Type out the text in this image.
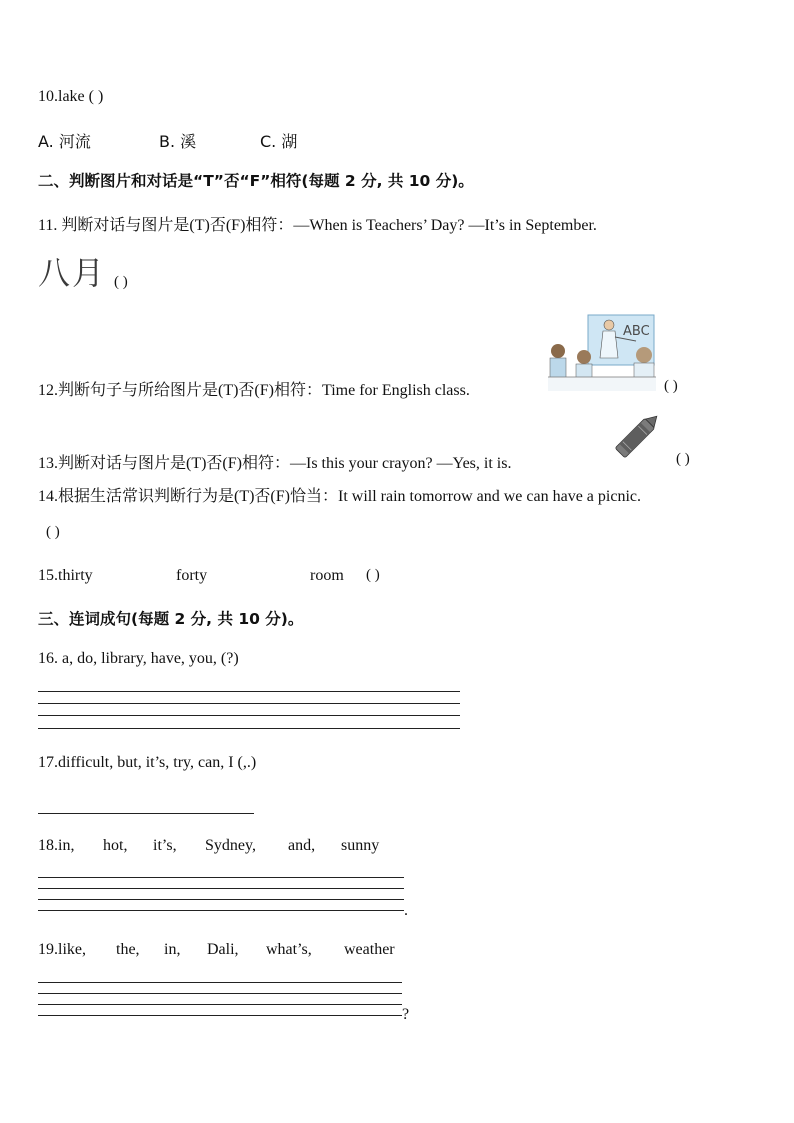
10.lake ( )
A. 河流	B. 溪	C. 湖
二、判断图片和对话是“T”否“F”相符(每题 2 分, 共 10 分)。
11. 判断对话与图片是(T)否(F)相符：—When is Teachers’ Day? —It’s in September.
八月 ( )
12.判断句子与所给图片是(T)否(F)相符：Time for English class.
ABC
( )
13.判断对话与图片是(T)否(F)相符：—Is this your crayon? —Yes, it is.	( )
14.根据生活常识判断行为是(T)否(F)恰当：It will rain tomorrow and we can have a picnic.
( )
15.thirty	forty	room ( )
三、连词成句(每题 2 分, 共 10 分)。
16. a, do, library, have, you, (?)
17.difficult, but, it’s, try, can, I (,.)
18.in, hot, it’s, Sydney, and, sunny
.
19.like, the, in, Dali, what’s, weather
?
